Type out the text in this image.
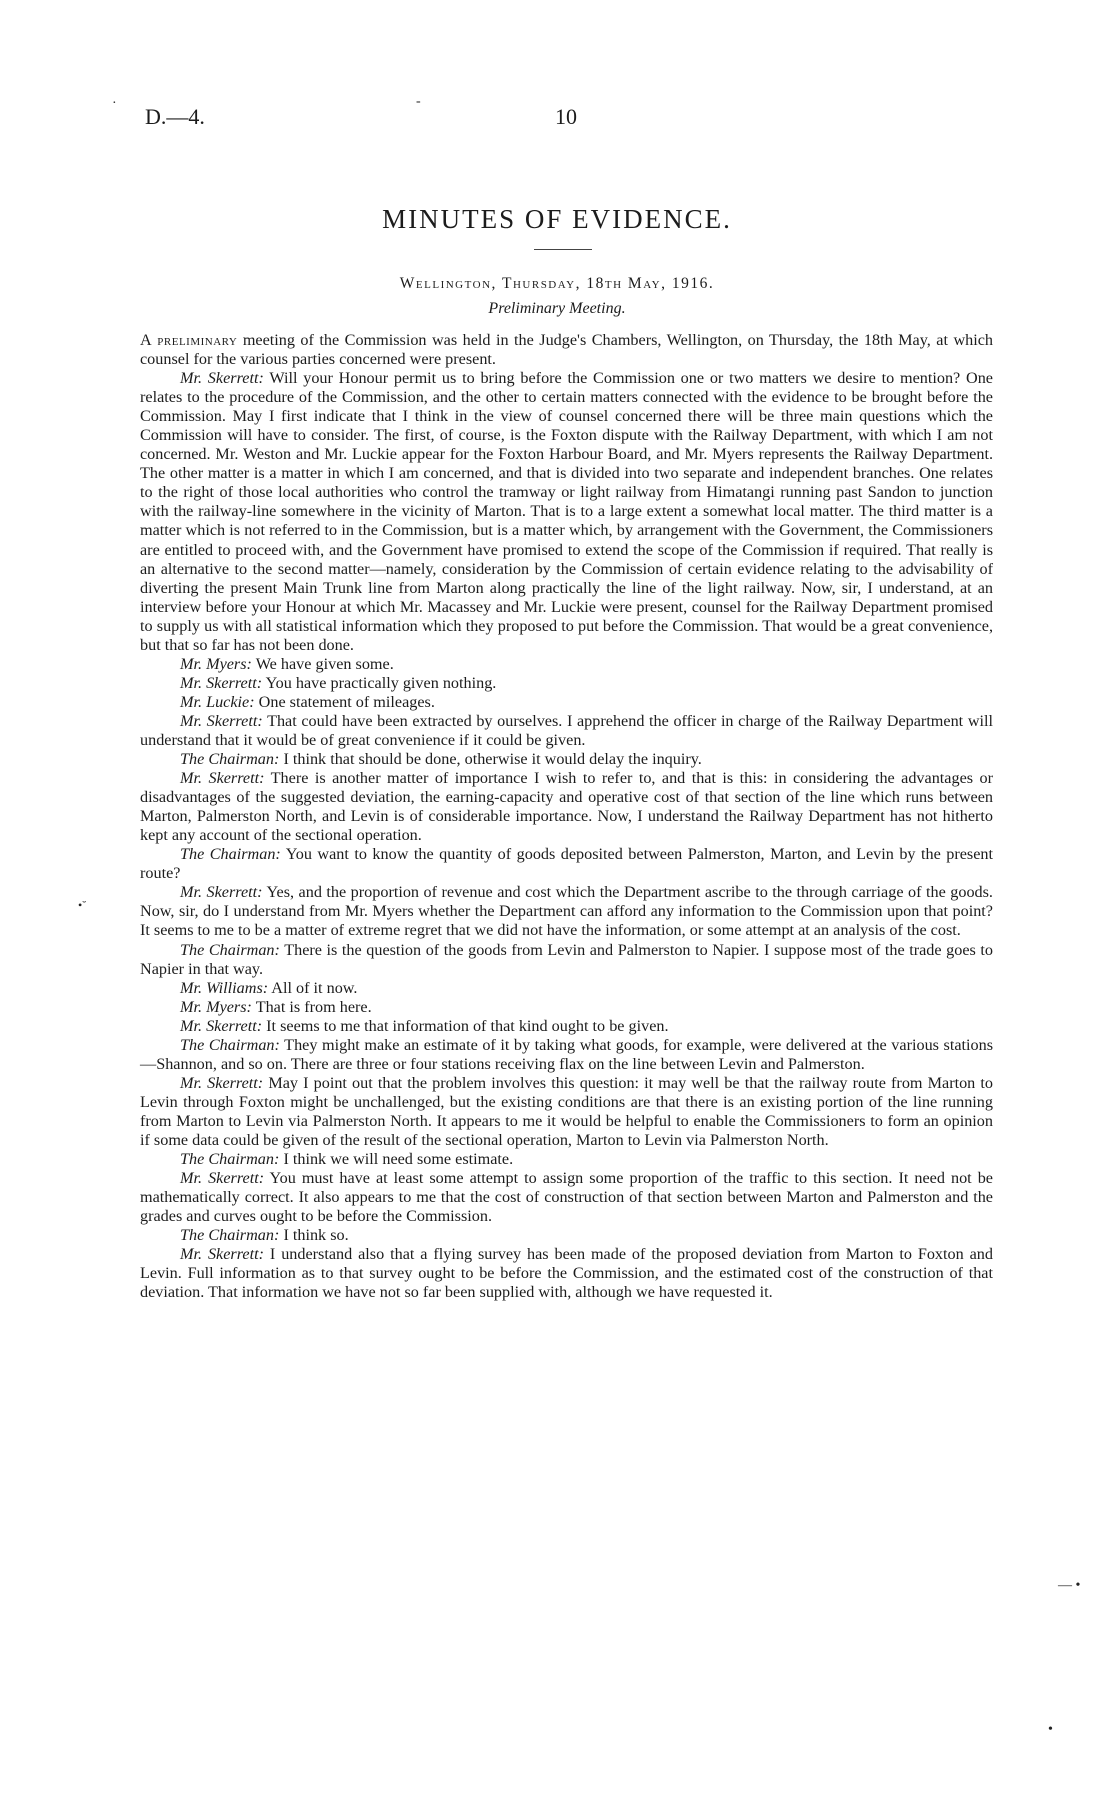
·
D.—4.
-
10
MINUTES OF EVIDENCE.
Wellington, Thursday, 18th May, 1916.
Preliminary Meeting.

A preliminary meeting of the Commission was held in the Judge's Chambers, Wellington, on Thursday, the 18th May, at which counsel for the various parties concerned were present.

Mr. Skerrett: Will your Honour permit us to bring before the Commission one or two matters we desire to mention? One relates to the procedure of the Commission, and the other to certain matters connected with the evidence to be brought before the Commission. May I first indicate that I think in the view of counsel concerned there will be three main questions which the Commission will have to consider. The first, of course, is the Foxton dispute with the Railway Department, with which I am not concerned. Mr. Weston and Mr. Luckie appear for the Foxton Harbour Board, and Mr. Myers represents the Railway Department. The other matter is a matter in which I am concerned, and that is divided into two separate and independent branches. One relates to the right of those local authorities who control the tramway or light railway from Himatangi running past Sandon to junction with the railway-line somewhere in the vicinity of Marton. That is to a large extent a somewhat local matter. The third matter is a matter which is not referred to in the Commission, but is a matter which, by arrangement with the Government, the Commissioners are entitled to proceed with, and the Government have promised to extend the scope of the Commission if required. That really is an alternative to the second matter—namely, consideration by the Commission of certain evidence relating to the advisability of diverting the present Main Trunk line from Marton along practically the line of the light railway. Now, sir, I understand, at an interview before your Honour at which Mr. Macassey and Mr. Luckie were present, counsel for the Railway Department promised to supply us with all statistical information which they proposed to put before the Commission. That would be a great convenience, but that so far has not been done.

Mr. Myers: We have given some.

Mr. Skerrett: You have practically given nothing.

Mr. Luckie: One statement of mileages.

Mr. Skerrett: That could have been extracted by ourselves. I apprehend the officer in charge of the Railway Department will understand that it would be of great convenience if it could be given.

The Chairman: I think that should be done, otherwise it would delay the inquiry.

Mr. Skerrett: There is another matter of importance I wish to refer to, and that is this: in considering the advantages or disadvantages of the suggested deviation, the earning-capacity and operative cost of that section of the line which runs between Marton, Palmerston North, and Levin is of considerable importance. Now, I understand the Railway Department has not hitherto kept any account of the sectional operation.

The Chairman: You want to know the quantity of goods deposited between Palmerston, Marton, and Levin by the present route?

Mr. Skerrett: Yes, and the proportion of revenue and cost which the Department ascribe to the through carriage of the goods. Now, sir, do I understand from Mr. Myers whether the Department can afford any information to the Commission upon that point? It seems to me to be a matter of extreme regret that we did not have the information, or some attempt at an analysis of the cost.

The Chairman: There is the question of the goods from Levin and Palmerston to Napier. I suppose most of the trade goes to Napier in that way.

Mr. Williams: All of it now.

Mr. Myers: That is from here.

Mr. Skerrett: It seems to me that information of that kind ought to be given.

The Chairman: They might make an estimate of it by taking what goods, for example, were delivered at the various stations—Shannon, and so on. There are three or four stations receiving flax on the line between Levin and Palmerston.

Mr. Skerrett: May I point out that the problem involves this question: it may well be that the railway route from Marton to Levin through Foxton might be unchallenged, but the existing conditions are that there is an existing portion of the line running from Marton to Levin via Palmerston North. It appears to me it would be helpful to enable the Commissioners to form an opinion if some data could be given of the result of the sectional operation, Marton to Levin via Palmerston North.

The Chairman: I think we will need some estimate.

Mr. Skerrett: You must have at least some attempt to assign some proportion of the traffic to this section. It need not be mathematically correct. It also appears to me that the cost of construction of that section between Marton and Palmerston and the grades and curves ought to be before the Commission.

The Chairman: I think so.

Mr. Skerrett: I understand also that a flying survey has been made of the proposed deviation from Marton to Foxton and Levin. Full information as to that survey ought to be before the Commission, and the estimated cost of the construction of that deviation. That information we have not so far been supplied with, although we have requested it.

•˘
— •
•
